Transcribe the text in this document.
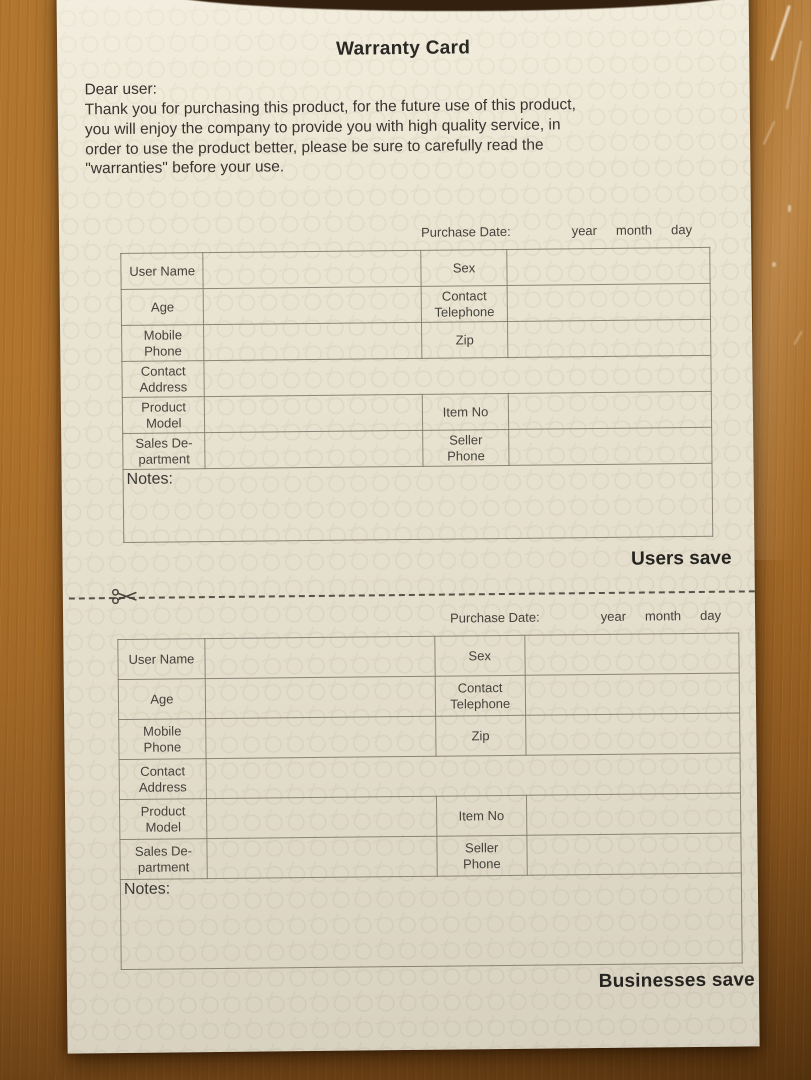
Warranty Card
Dear user:
Thank you for purchasing this product, for the future use of this product,
you will enjoy the company to provide you with high quality service, in
order to use the product better, please be sure to carefully read the
"warranties" before your use.
Purchase Date:	year month day
User Name		Sex	
Age		Contact
Telephone	
Mobile
Phone		Zip	
Contact
Address			
Product
Model		Item No	
Sales De-
partment		Seller
Phone	
Notes:			
Users save
Purchase Date:	year month day
User Name		Sex	
Age		Contact
Telephone	
Mobile
Phone		Zip	
Contact
Address			
Product
Model		Item No	
Sales De-
partment		Seller
Phone	
Notes:			
Businesses save
